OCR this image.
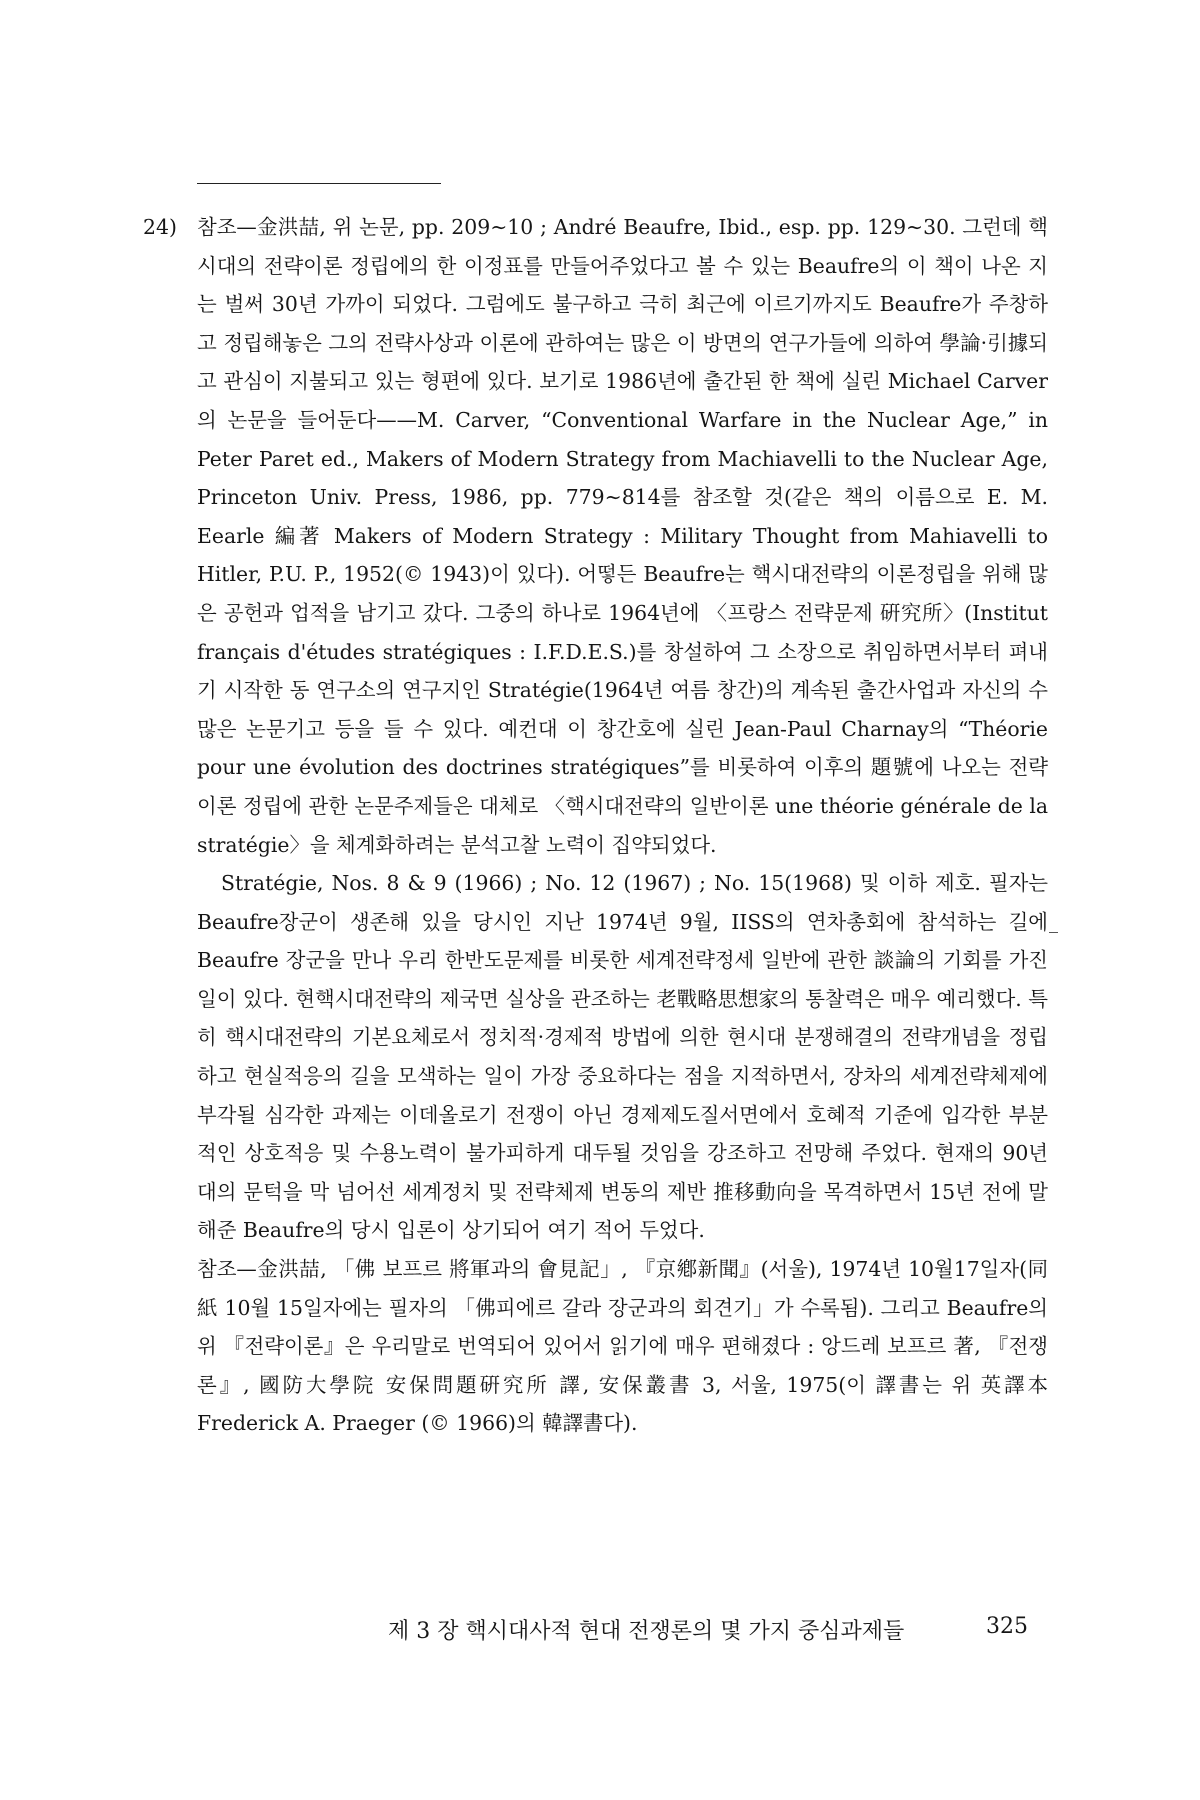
24) 참조—金洪喆, 위 논문, pp. 209∼10 ; André Beaufre, Ibid., esp. pp. 129∼30. 그런데 핵시대의 전략이론 정립에의 한 이정표를 만들어주었다고 볼 수 있는 Beaufre의 이 책이 나온 지는 벌써 30년 가까이 되었다. 그럼에도 불구하고 극히 최근에 이르기까지도 Beaufre가 주창하고 정립해놓은 그의 전략사상과 이론에 관하여는 많은 이 방면의 연구가들에 의하여 學論·引據되고 관심이 지불되고 있는 형편에 있다. 보기로 1986년에 출간된 한 책에 실린 Michael Carver의 논문을 들어둔다——M. Carver, “Conventional Warfare in the Nuclear Age,” in Peter Paret ed., Makers of Modern Strategy from Machiavelli to the Nuclear Age, Princeton Univ. Press, 1986, pp. 779∼814를 참조할 것(같은 책의 이름으로 E. M. Eearle 編著 Makers of Modern Strategy : Military Thought from Mahiavelli to Hitler, P.U. P., 1952(© 1943)이 있다). 어떻든 Beaufre는 핵시대전략의 이론정립을 위해 많은 공헌과 업적을 남기고 갔다. 그중의 하나로 1964년에 〈프랑스 전략문제 硏究所〉(Institut français d'études stratégiques : I.F.D.E.S.)를 창설하여 그 소장으로 취임하면서부터 펴내기 시작한 동 연구소의 연구지인 Stratégie(1964년 여름 창간)의 계속된 출간사업과 자신의 수많은 논문기고 등을 들 수 있다. 예컨대 이 창간호에 실린 Jean-Paul Charnay의 “Théorie pour une évolution des doctrines stratégiques”를 비롯하여 이후의 題號에 나오는 전략이론 정립에 관한 논문주제들은 대체로 〈핵시대전략의 일반이론 une théorie générale de la stratégie〉을 체계화하려는 분석고찰 노력이 집약되었다.

Stratégie, Nos. 8 & 9 (1966) ; No. 12 (1967) ; No. 15(1968) 및 이하 제호. 필자는 Beaufre장군이 생존해 있을 당시인 지난 1974년 9월, IISS의 연차총회에 참석하는 길에 Beaufre 장군을 만나 우리 한반도문제를 비롯한 세계전략정세 일반에 관한 談論의 기회를 가진 일이 있다. 현핵시대전략의 제국면 실상을 관조하는 老戰略思想家의 통찰력은 매우 예리했다. 특히 핵시대전략의 기본요체로서 정치적·경제적 방법에 의한 현시대 분쟁해결의 전략개념을 정립하고 현실적응의 길을 모색하는 일이 가장 중요하다는 점을 지적하면서, 장차의 세계전략체제에 부각될 심각한 과제는 이데올로기 전쟁이 아닌 경제제도질서면에서 호혜적 기준에 입각한 부분적인 상호적응 및 수용노력이 불가피하게 대두될 것임을 강조하고 전망해 주었다. 현재의 90년대의 문턱을 막 넘어선 세계정치 및 전략체제 변동의 제반 推移動向을 목격하면서 15년 전에 말해준 Beaufre의 당시 입론이 상기되어 여기 적어 두었다.

참조—金洪喆, 「佛 보프르 將軍과의 會見記」, 『京鄕新聞』(서울), 1974년 10월17일자(同紙 10월 15일자에는 필자의 「佛피에르 갈라 장군과의 회견기」가 수록됨). 그리고 Beaufre의 위 『전략이론』은 우리말로 번역되어 있어서 읽기에 매우 편해졌다 : 앙드레 보프르 著, 『전쟁론』, 國防大學院 安保問題硏究所 譯, 安保叢書 3, 서울, 1975(이 譯書는 위 英譯本 Frederick A. Praeger (© 1966)의 韓譯書다).

제 3 장 핵시대사적 현대 전쟁론의 몇 가지 중심과제들	325
